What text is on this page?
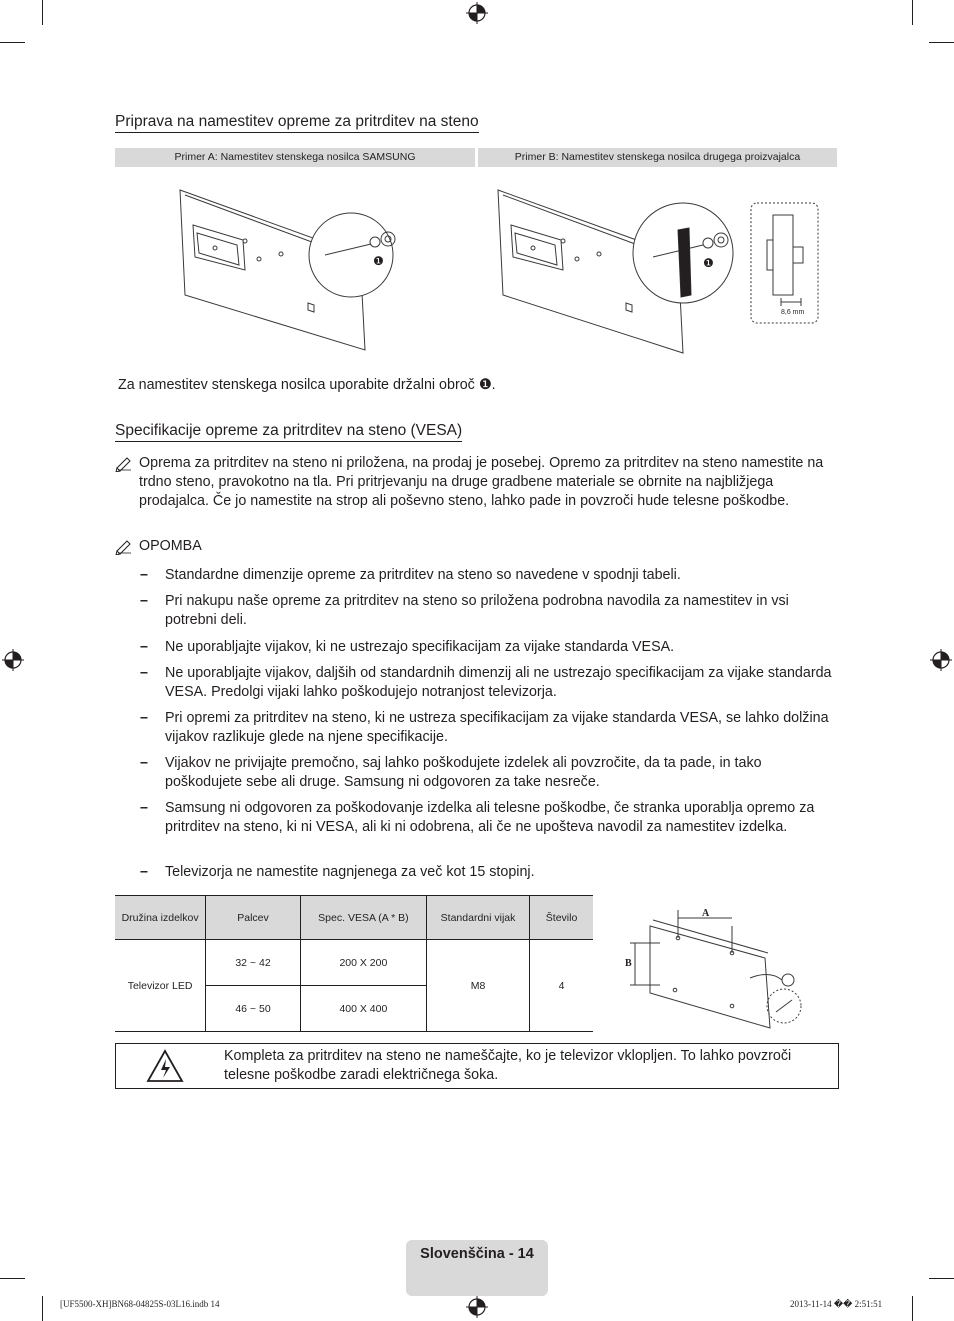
Priprava na namestitev opreme za pritrditev na steno
Primer A: Namestitev stenskega nosilca SAMSUNG	Primer B: Namestitev stenskega nosilca drugega proizvajalca
❶	❶
8,6 mm
Za namestitev stenskega nosilca uporabite držalni obroč ❶.
Specifikacije opreme za pritrditev na steno (VESA)
Oprema za pritrditev na steno ni priložena, na prodaj je posebej. Opremo za pritrditev na steno namestite na trdno steno, pravokotno na tla. Pri pritrjevanju na druge gradbene materiale se obrnite na najbližjega prodajalca. Če jo namestite na strop ali poševno steno, lahko pade in povzroči hude telesne poškodbe.
OPOMBA
– Standardne dimenzije opreme za pritrditev na steno so navedene v spodnji tabeli.
– Pri nakupu naše opreme za pritrditev na steno so priložena podrobna navodila za namestitev in vsi potrebni deli.
– Ne uporabljajte vijakov, ki ne ustrezajo specifikacijam za vijake standarda VESA.
– Ne uporabljajte vijakov, daljših od standardnih dimenzij ali ne ustrezajo specifikacijam za vijake standarda VESA. Predolgi vijaki lahko poškodujejo notranjost televizorja.
– Pri opremi za pritrditev na steno, ki ne ustreza specifikacijam za vijake standarda VESA, se lahko dolžina vijakov razlikuje glede na njene specifikacije.
– Vijakov ne privijajte premočno, saj lahko poškodujete izdelek ali povzročite, da ta pade, in tako poškodujete sebe ali druge. Samsung ni odgovoren za take nesreče.
– Samsung ni odgovoren za poškodovanje izdelka ali telesne poškodbe, če stranka uporablja opremo za pritrditev na steno, ki ni VESA, ali ki ni odobrena, ali če ne upošteva navodil za namestitev izdelka.
– Televizorja ne namestite nagnjenega za več kot 15 stopinj.
Družina izdelkov	Palcev	Spec. VESA (A * B)	Standardni vijak	Število
Televizor LED	32 ~ 42	200 X 200	M8	4
	46 ~ 50	400 X 400		
A
B
Kompleta za pritrditev na steno ne nameščajte, ko je televizor vklopljen. To lahko povzroči telesne poškodbe zaradi električnega šoka.
Slovenščina - 14
[UF5500-XH]BN68-04825S-03L16.indb 14	2013-11-14 �� 2:51:51
